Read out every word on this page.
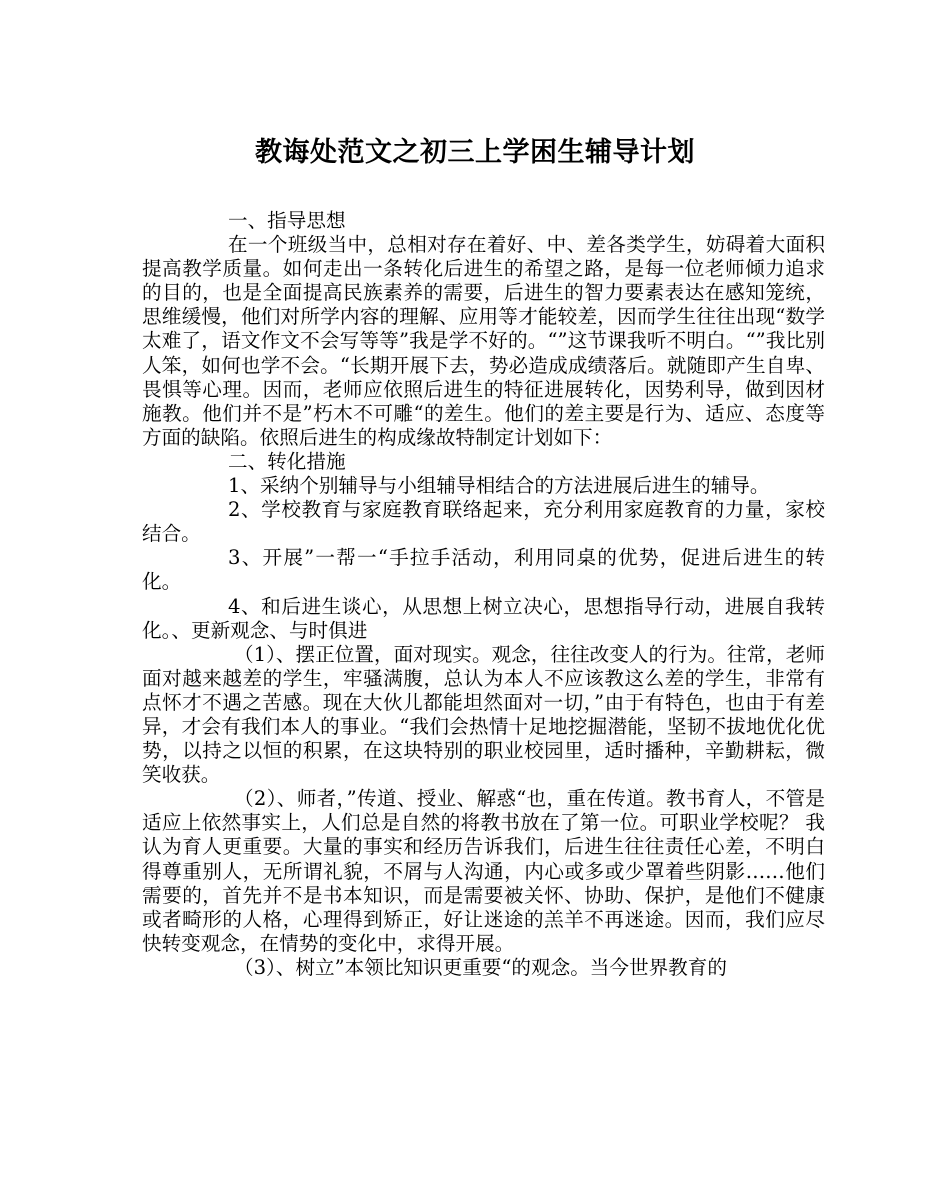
教诲处范文之初三上学困生辅导计划

一、指导思想

在一个班级当中，总相对存在着好、中、差各类学生，妨碍着大面积提高教学质量。如何走出一条转化后进生的希望之路，是每一位老师倾力追求的目的，也是全面提高民族素养的需要，后进生的智力要素表达在感知笼统，思维缓慢，他们对所学内容的理解、应用等才能较差，因而学生往往出现“数学太难了，语文作文不会写等等”我是学不好的。“”这节课我听不明白。“”我比别人笨，如何也学不会。“长期开展下去，势必造成成绩落后。就随即产生自卑、畏惧等心理。因而，老师应依照后进生的特征进展转化，因势利导，做到因材施教。他们并不是”朽木不可雕“的差生。他们的差主要是行为、适应、态度等方面的缺陷。依照后进生的构成缘故特制定计划如下：

二、转化措施

1、采纳个别辅导与小组辅导相结合的方法进展后进生的辅导。

2、学校教育与家庭教育联络起来，充分利用家庭教育的力量，家校结合。

3、开展”一帮一“手拉手活动，利用同桌的优势，促进后进生的转化。

4、和后进生谈心，从思想上树立决心，思想指导行动，进展自我转化。、更新观念、与时俱进

（1）、摆正位置，面对现实。观念，往往改变人的行为。往常，老师面对越来越差的学生，牢骚满腹，总认为本人不应该教这么差的学生，非常有点怀才不遇之苦感。现在大伙儿都能坦然面对一切，”由于有特色，也由于有差异，才会有我们本人的事业。“我们会热情十足地挖掘潜能，坚韧不拔地优化优势，以持之以恒的积累，在这块特别的职业校园里，适时播种，辛勤耕耘，微笑收获。

（2）、师者，”传道、授业、解惑“也，重在传道。教书育人，不管是适应上依然事实上，人们总是自然的将教书放在了第一位。可职业学校呢？ 我认为育人更重要。大量的事实和经历告诉我们，后进生往往责任心差，不明白得尊重别人，无所谓礼貌，不屑与人沟通，内心或多或少罩着些阴影……他们需要的，首先并不是书本知识，而是需要被关怀、协助、保护，是他们不健康或者畸形的人格，心理得到矫正，好让迷途的羔羊不再迷途。因而，我们应尽快转变观念，在情势的变化中，求得开展。

（3）、树立”本领比知识更重要“的观念。当今世界教育的
